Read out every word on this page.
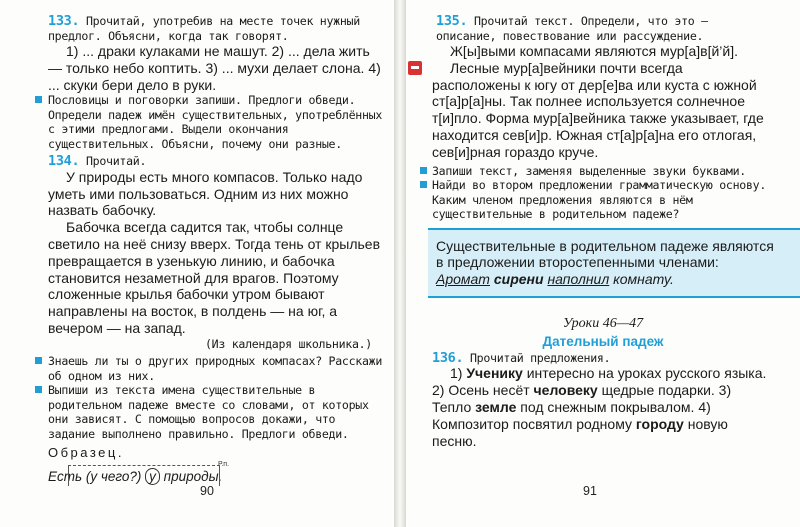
133. Прочитай, употребив на месте точек нужный предлог. Объясни, когда так говорят.
1) ... драки кулаками не машут. 2) ... дела жить — только небо коптить. 3) ... мухи делает слона. 4) ... скуки бери дело в руки.
Пословицы и поговорки запиши. Предлоги обведи. Определи падеж имён существительных, употреблённых с этими предлогами. Выдели окончания существительных. Объясни, почему они разные.
134. Прочитай.
У природы есть много компасов. Только надо уметь ими пользоваться. Одним из них можно назвать бабочку.
Бабочка всегда садится так, чтобы солнце светило на неё снизу вверх. Тогда тень от крыльев превращается в узенькую линию, и бабочка становится незаметной для врагов. Поэтому сложенные крылья бабочки утром бывают направлены на восток, в полдень — на юг, а вечером — на запад.
(Из календаря школьника.)
Знаешь ли ты о других природных компасах? Расскажи об одном из них.
Выпиши из текста имена существительные в родительном падеже вместе со словами, от которых они зависят. С помощью вопросов докажи, что задание выполнено правильно. Предлоги обведи.
Образец.
Р.п.
Есть (у чего?) у природы.
90
135. Прочитай текст. Определи, что это — описание, повествование или рассуждение.
Ж[ы]выми компасами являются мур[а]в[й’й].
Лесные мур[а]вейники почти всегда расположены к югу от дер[е]ва или куста с южной ст[а]р[а]ны. Так полнее используется солнечное т[и]пло. Форма мур[а]вейника также указывает, где находится сев[и]р. Южная ст[а]р[а]на его отлогая, сев[и]рная гораздо круче.
Запиши текст, заменяя выделенные звуки буквами.
Найди во втором предложении грамматическую основу. Каким членом предложения являются в нём существительные в родительном падеже?
Существительные в родительном падеже являются в предложении второстепенными членами: Аромат сирени наполнил комнату.
Уроки 46—47
Дательный падеж
136. Прочитай предложения.
1) Ученику интересно на уроках русского языка. 2) Осень несёт человеку щедрые подарки. 3) Тепло земле под снежным покрывалом. 4) Композитор посвятил родному городу новую песню.
91
